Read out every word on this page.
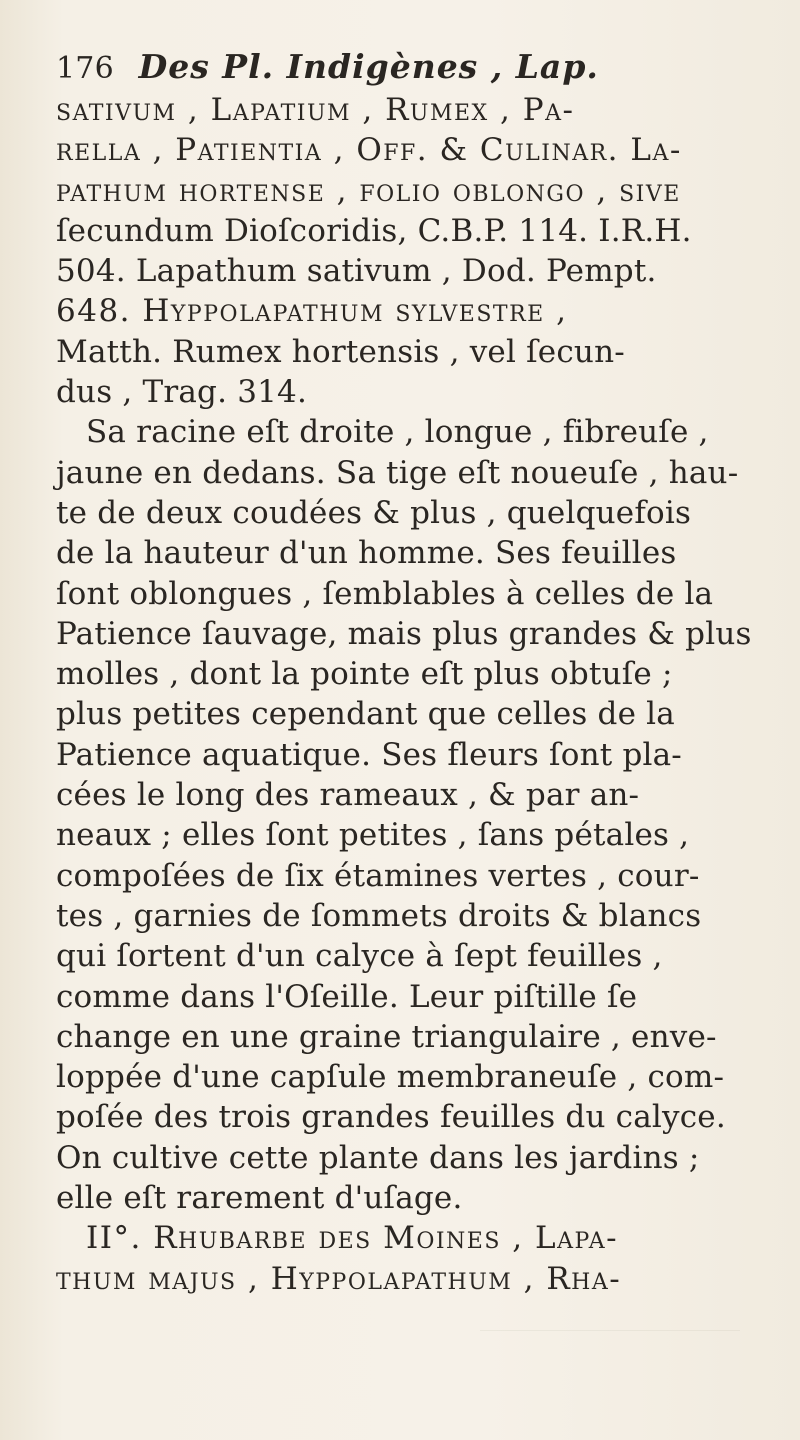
176 Des Pl. Indigènes , Lap.
sativum , Lapatium , Rumex , Pa-
rella , Patientia , Off. & Culinar. La-
pathum hortense , folio oblongo , ſive
ſecundum Dioſcoridis, C.B.P. 114. I.R.H.
504. Lapathum sativum , Dod. Pempt.
648. Hyppolapathum sylvestre ,
Matth. Rumex hortensis , vel ſecun-
dus , Trag. 314.
Sa racine eſt droite , longue , fibreuſe ,
jaune en dedans. Sa tige eſt noueuſe , hau-
te de deux coudées & plus , quelquefois
de la hauteur d'un homme. Ses feuilles
ſont oblongues , ſemblables à celles de la
Patience ſauvage, mais plus grandes & plus
molles , dont la pointe eſt plus obtuſe ;
plus petites cependant que celles de la
Patience aquatique. Ses fleurs ſont pla-
cées le long des rameaux , & par an-
neaux ; elles ſont petites , ſans pétales ,
compoſées de ſix étamines vertes , cour-
tes , garnies de ſommets droits & blancs
qui ſortent d'un calyce à ſept feuilles ,
comme dans l'Oſeille. Leur piſtille ſe
change en une graine triangulaire , enve-
loppée d'une capſule membraneuſe , com-
poſée des trois grandes feuilles du calyce.
On cultive cette plante dans les jardins ;
elle eſt rarement d'uſage.
II°. Rhubarbe des Moines , Lapa-
thum majus , Hyppolapathum , Rha-
